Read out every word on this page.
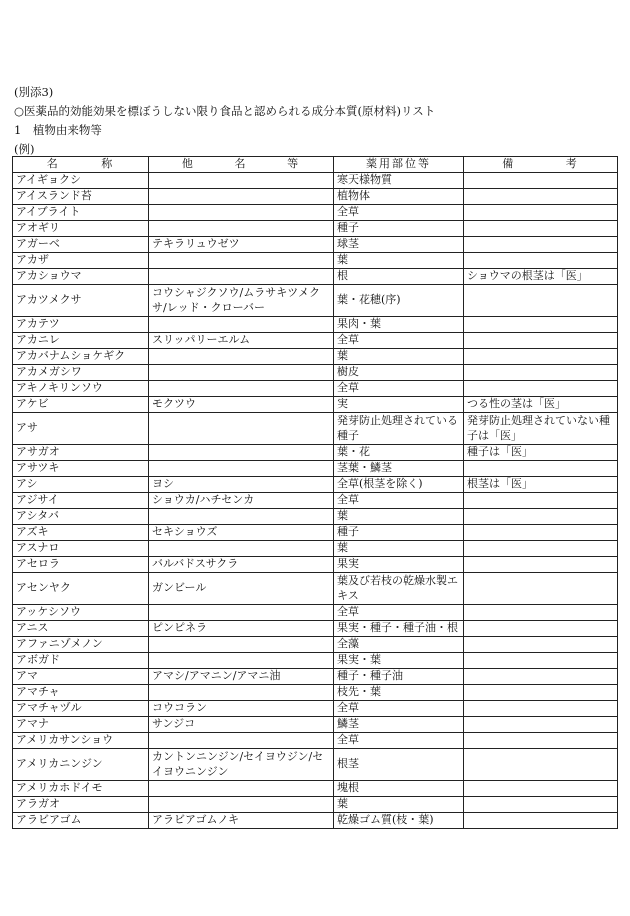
(別添3)
○医薬品的効能効果を標ぼうしない限り食品と認められる成分本質(原材料)リスト
1　植物由来物等
(例)
名 称	他 名 等	薬用部位等	備 考

アイギョクシ		寒天様物質	
アイスランド苔		植物体	
アイブライト		全草	
アオギリ		種子	
アガーベ	テキラリュウゼツ	球茎	
アカザ		葉	
アカショウマ		根	ショウマの根茎は「医」
アカツメクサ	コウシャジクソウ/ムラサキツメクサ/レッド・クローバー	葉・花穂(序)	
アカテツ		果肉・葉	
アカニレ	スリッパリーエルム	全草	
アカバナムショケギク		葉	
アカメガシワ		樹皮	
アキノキリンソウ		全草	
アケビ	モクツウ	実	つる性の茎は「医」
アサ		発芽防止処理されている種子	発芽防止処理されていない種子は「医」
アサガオ		葉・花	種子は「医」
アサツキ		茎葉・鱗茎	
アシ	ヨシ	全草(根茎を除く)	根茎は「医」
アジサイ	ショウカ/ハチセンカ	全草	
アシタバ		葉	
アズキ	セキショウズ	種子	
アスナロ		葉	
アセロラ	バルバドスサクラ	果実	
アセンヤク	ガンビール	葉及び若枝の乾燥水製エキス	
アッケシソウ		全草	
アニス	ピンピネラ	果実・種子・種子油・根	
アファニゾメノン		全藻	
アボガド		果実・葉	
アマ	アマシ/アマニン/アマニ油	種子・種子油	
アマチャ		枝先・葉	
アマチャヅル	コウコラン	全草	
アマナ	サンジコ	鱗茎	
アメリカサンショウ		全草	
アメリカニンジン	カントンニンジン/セイヨウジン/セイヨウニンジン	根茎	
アメリカホドイモ		塊根	
アラガオ		葉	
アラビアゴム	アラビアゴムノキ	乾燥ゴム質(枝・葉)	
